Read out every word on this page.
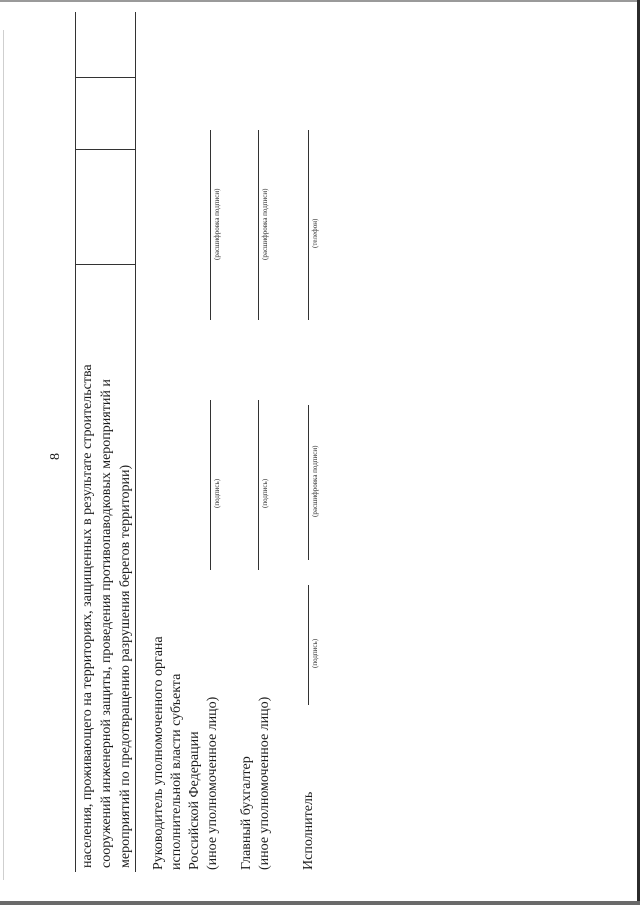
8 населения, проживающего на территориях, защищенных в результате строительства сооружений инженерной защиты, проведения противопаводковых мероприятий и мероприятий по предотвращению разрушения берегов территории) Руководитель уполномоченного органа исполнительной власти субъекта Российской Федерации (иное уполномоченное лицо)
(подпись)
(расшифровка подписи)
Главный бухгалтер (иное уполномоченное лицо)
(подпись)
(расшифровка подписи)
Исполнитель
(подпись)
(расшифровка подписи)
(телефон)
